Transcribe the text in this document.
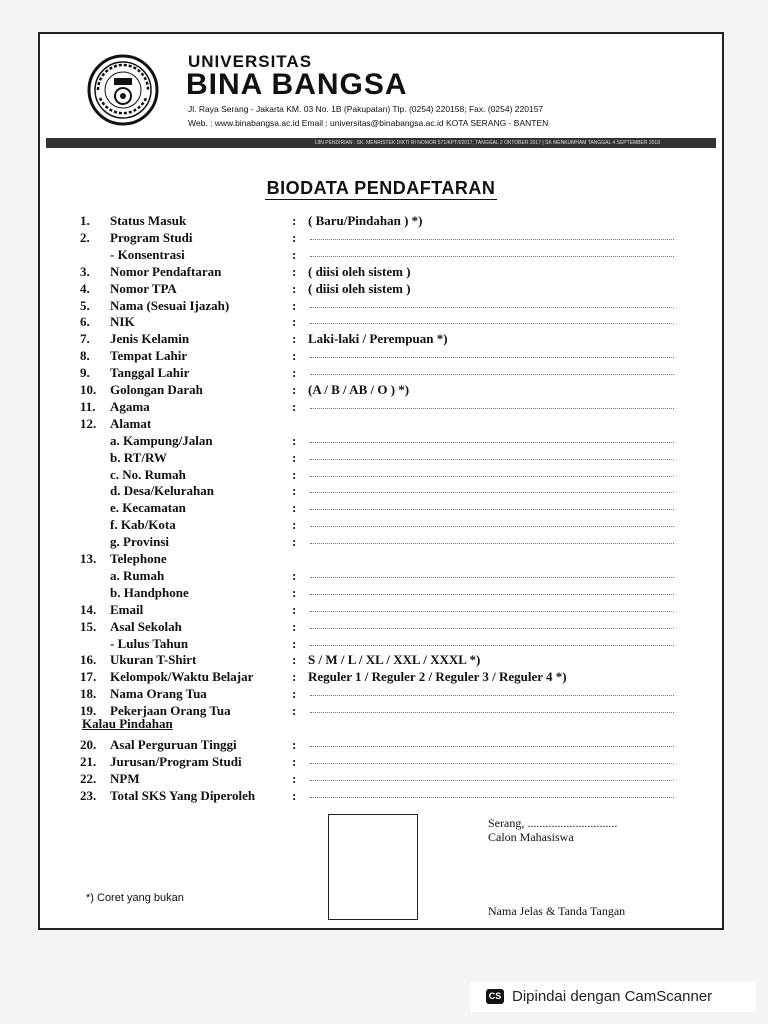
UNIVERSITAS
BINA BANGSA
Jl. Raya Serang - Jakarta KM. 03 No. 1B (Pakupatan) Tlp. (0254) 220158; Fax. (0254) 220157
Web. : www.binabangsa.ac.id Email : universitas@binabangsa.ac.id KOTA SERANG - BANTEN
IJIN PENDIRIAN : SK. MENRISTEK DIKTI RI NOMOR 571/KPT/I/2017, TANGGAL 2 OKTOBER 2017 | SK MENKUMHAM TANGGAL 4 SEPTEMBER 2018
BIODATA PENDAFTARAN
1.	Status Masuk	: ( Baru/Pindahan ) *)
2.	Program Studi	:
- Konsentrasi	:
3.	Nomor Pendaftaran	: ( diisi oleh sistem )
4.	Nomor TPA	: ( diisi oleh sistem )
5.	Nama (Sesuai Ijazah)	:
6.	NIK	:
7.	Jenis Kelamin	: Laki-laki / Perempuan *)
8.	Tempat Lahir	:
9.	Tanggal Lahir	:
10.	Golongan Darah	: (A / B / AB / O ) *)
11.	Agama	:
12.	Alamat
a. Kampung/Jalan	:
b. RT/RW	:
c. No. Rumah	:
d. Desa/Kelurahan	:
e. Kecamatan	:
f. Kab/Kota	:
g. Provinsi	:
13.	Telephone
a. Rumah	:
b. Handphone	:
14.	Email	:
15.	Asal Sekolah	:
- Lulus Tahun	:
16.	Ukuran T-Shirt	: S / M / L / XL / XXL / XXXL *)
17.	Kelompok/Waktu Belajar	: Reguler 1 / Reguler 2 / Reguler 3 / Reguler 4 *)
18.	Nama Orang Tua	:
19.	Pekerjaan Orang Tua	:
20.	Asal Perguruan Tinggi	:
21.	Jurusan/Program Studi	:
22.	NPM	:
23.	Total SKS Yang Diperoleh	:
Kalau Pindahan
Serang, ..............................
Calon Mahasiswa
*) Coret yang bukan
Nama Jelas & Tanda Tangan
CS Dipindai dengan CamScanner
